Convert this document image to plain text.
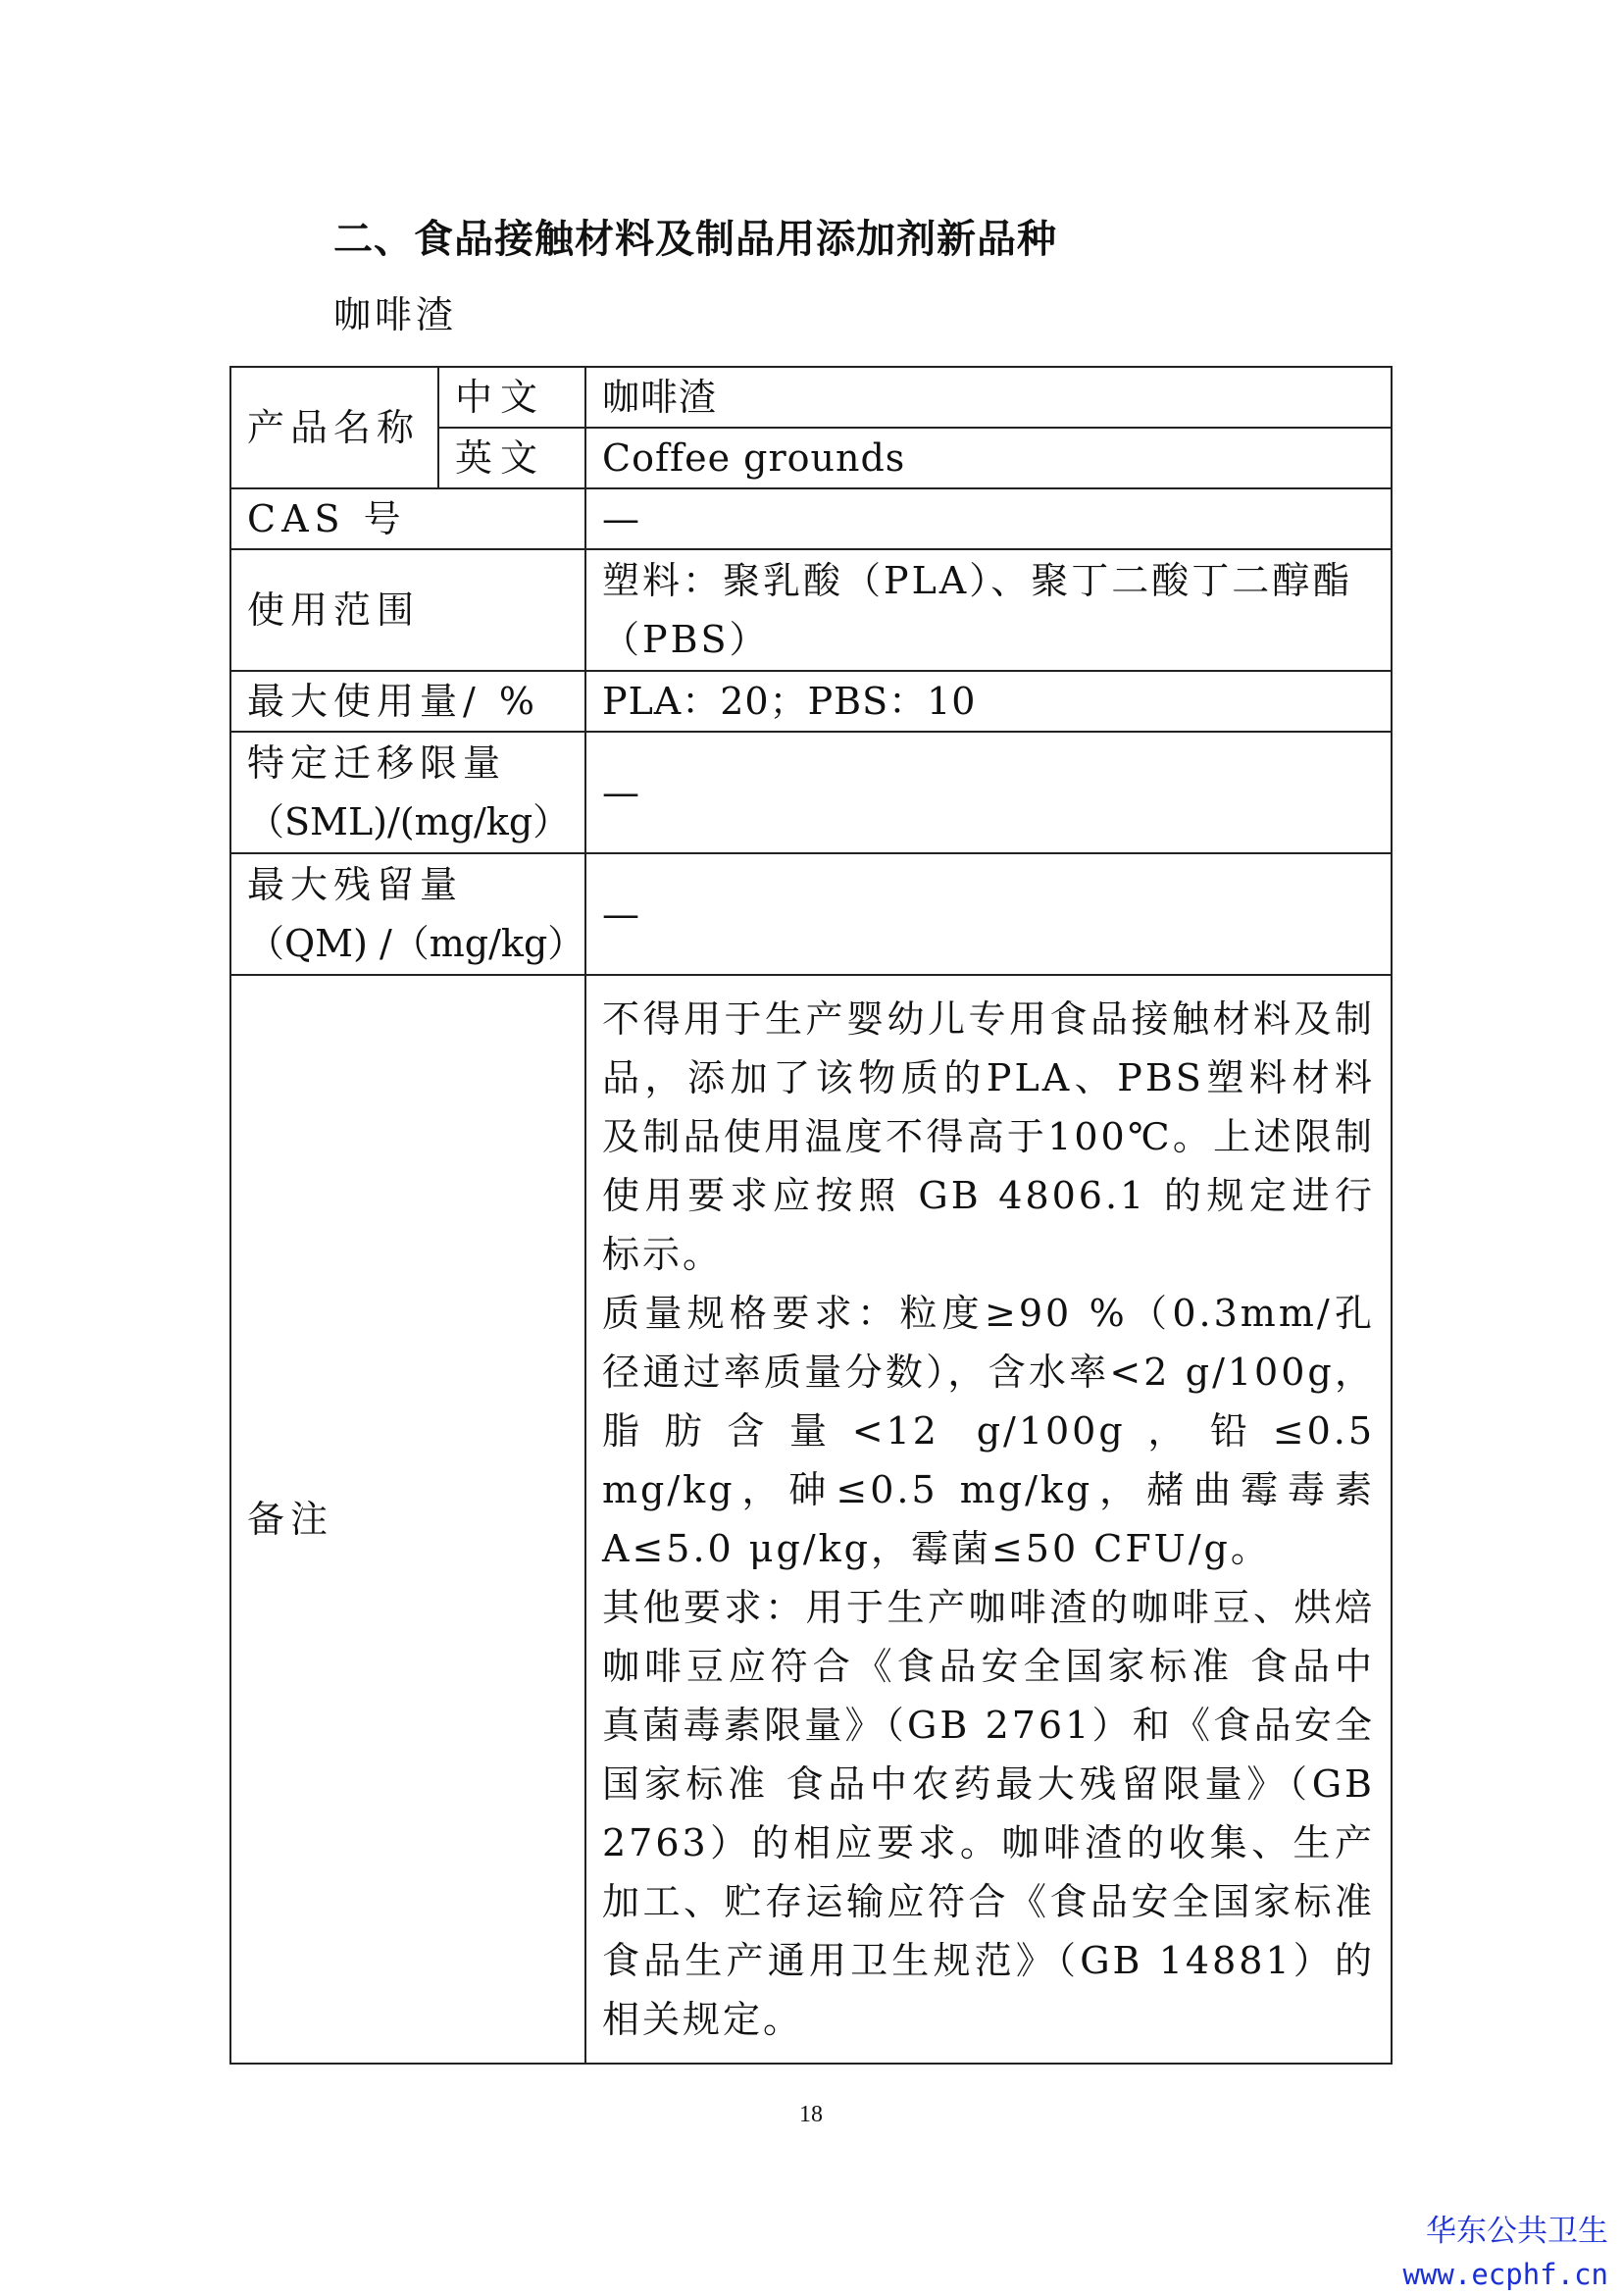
二、食品接触材料及制品用添加剂新品种
咖啡渣
产品名称	中文	咖啡渣
	英文	Coffee grounds
CAS 号		—
使用范围		塑料：聚乳酸（PLA）、聚丁二酸丁二醇酯（PBS）
最大使用量/ %		PLA：20；PBS：10

特定迁移限量
（SML)/(mg/kg）		—

最大残留量
（QM) /（mg/kg）		—
备注		不得用于生产婴幼儿专用食品接触材料及制品，添加了该物质的PLA、PBS塑料材料及制品使用温度不得高于100℃。上述限制使用要求应按照 GB 4806.1 的规定进行标示。

质量规格要求：粒度≥90 %（0.3mm/孔径通过率质量分数），含水率<2 g/100g，脂肪含量<12 g/100g，铅≤0.5 mg/kg，砷≤0.5 mg/kg，赭曲霉毒素 A≤5.0 μg/kg，霉菌≤50 CFU/g。

其他要求：用于生产咖啡渣的咖啡豆、烘焙咖啡豆应符合《食品安全国家标准 食品中真菌毒素限量》（GB 2761）和《食品安全国家标准 食品中农药最大残留限量》（GB 2763）的相应要求。咖啡渣的收集、生产加工、贮存运输应符合《食品安全国家标准 食品生产通用卫生规范》（GB 14881）的相关规定。

18
华东公共卫生
www.ecphf.cn
